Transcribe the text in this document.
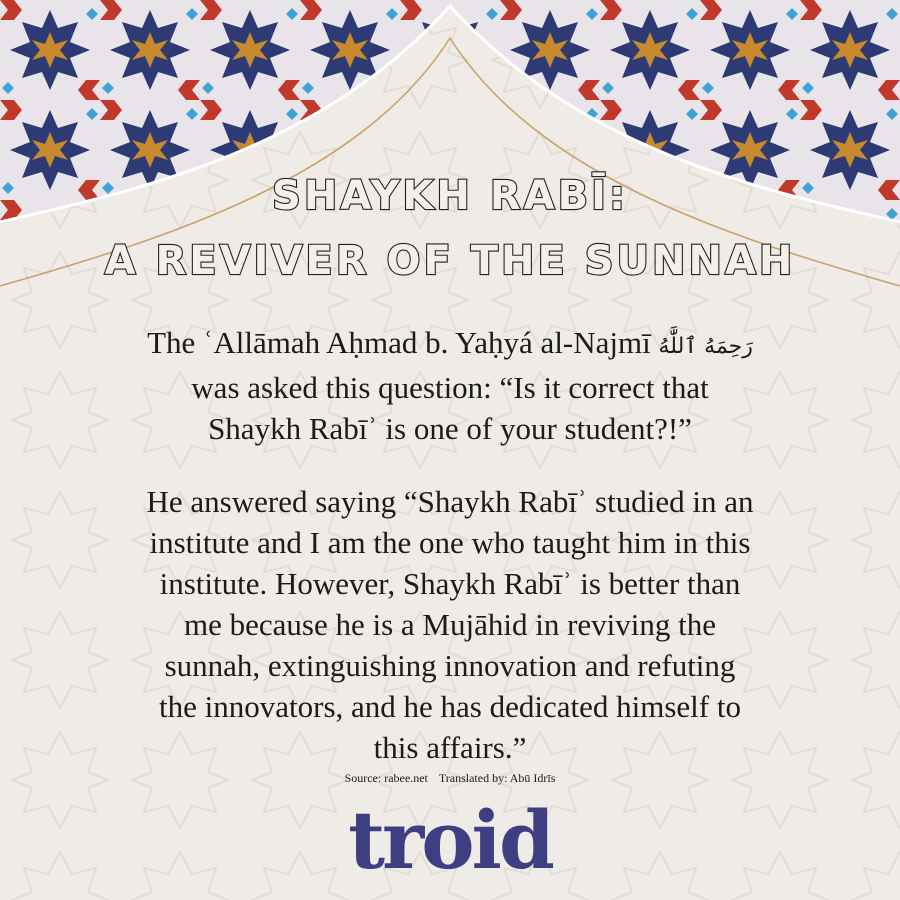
SHAYKH RABĪ:
A REVIVER OF THE SUNNAH
The ʿAllāmah Aḥmad b. Yaḥyá al-Najmī رَحِمَهُ ٱللَّٰهُ
was asked this question: “Is it correct that
Shaykh Rabīʾ is one of your student?!”
He answered saying “Shaykh Rabīʾ studied in an
institute and I am the one who taught him in this
institute. However, Shaykh Rabīʾ is better than
me because he is a Mujāhid in reviving the
sunnah, extinguishing innovation and refuting
the innovators, and he has dedicated himself to
this affairs.”
Source: rabee.net Translated by: Abū Idrīs
troid
